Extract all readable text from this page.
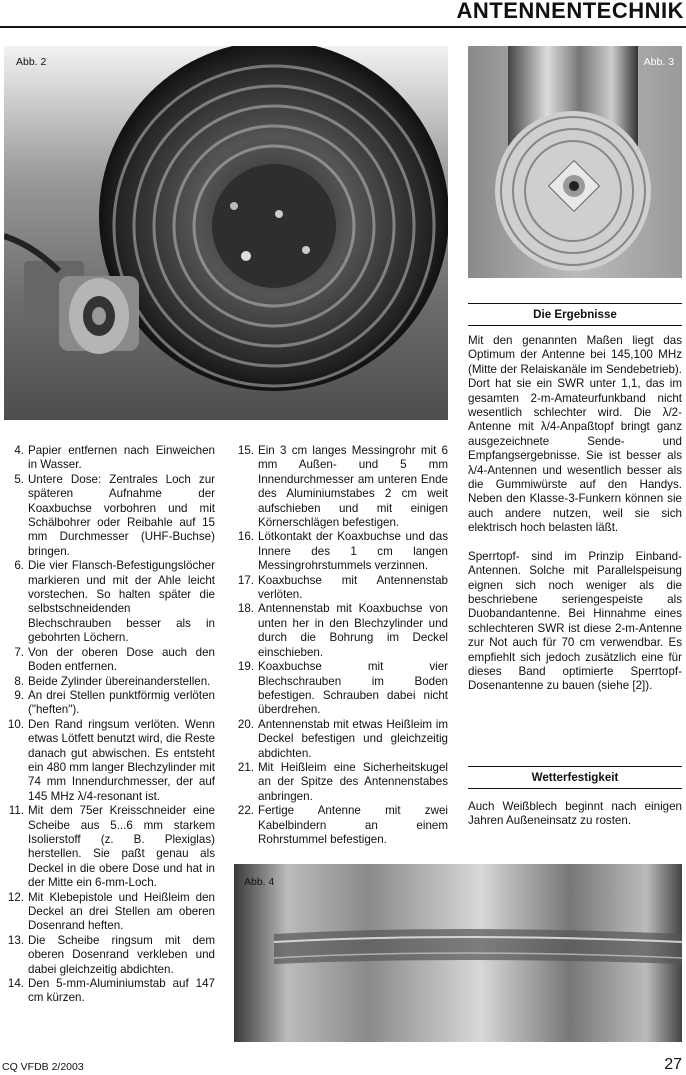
ANTENNENTECHNIK
Abb. 2	Abb. 3
Abb. 4
4. Papier entfernen nach Einweichen in Wasser.
5. Untere Dose: Zentrales Loch zur späteren Aufnahme der Koaxbuchse vorbohren und mit Schälbohrer oder Reibahle auf 15 mm Durchmesser (UHF-Buchse) bringen.
6. Die vier Flansch-Befestigungslöcher markieren und mit der Ahle leicht vorstechen. So halten später die selbstschneidenden Blechschrauben besser als in gebohrten Löchern.
7. Von der oberen Dose auch den Boden entfernen.
8. Beide Zylinder übereinanderstellen.
9. An drei Stellen punktförmig verlöten ("heften").
10. Den Rand ringsum verlöten. Wenn etwas Lötfett benutzt wird, die Reste danach gut abwischen. Es entsteht ein 480 mm langer Blechzylinder mit 74 mm Innendurchmesser, der auf 145 MHz λ/4-resonant ist.
11. Mit dem 75er Kreisschneider eine Scheibe aus 5...6 mm starkem Isolierstoff (z. B. Plexiglas) herstellen. Sie paßt genau als Deckel in die obere Dose und hat in der Mitte ein 6-mm-Loch.
12. Mit Klebepistole und Heißleim den Deckel an drei Stellen am oberen Dosenrand heften.
13. Die Scheibe ringsum mit dem oberen Dosenrand verkleben und dabei gleichzeitig abdichten.
14. Den 5-mm-Aluminiumstab auf 147 cm kürzen.
15. Ein 3 cm langes Messingrohr mit 6 mm Außen- und 5 mm Innendurchmesser am unteren Ende des Aluminiumstabes 2 cm weit aufschieben und mit einigen Körnerschlägen befestigen.
16. Lötkontakt der Koaxbuchse und das Innere des 1 cm langen Messingrohrstummels verzinnen.
17. Koaxbuchse mit Antennenstab verlöten.
18. Antennenstab mit Koaxbuchse von unten her in den Blechzylinder und durch die Bohrung im Deckel einschieben.
19. Koaxbuchse mit vier Blechschrauben im Boden befestigen. Schrauben dabei nicht überdrehen.
20. Antennenstab mit etwas Heißleim im Deckel befestigen und gleichzeitig abdichten.
21. Mit Heißleim eine Sicherheitskugel an der Spitze des Antennenstabes anbringen.
22. Fertige Antenne mit zwei Kabelbindern an einem Rohrstummel befestigen.
Die Ergebnisse

Mit den genannten Maßen liegt das Optimum der Antenne bei 145,100 MHz (Mitte der Relaiskanäle im Sendebetrieb). Dort hat sie ein SWR unter 1,1, das im gesamten 2-m-Amateurfunkband nicht wesentlich schlechter wird. Die λ/2-Antenne mit λ/4-Anpaßtopf bringt ganz ausgezeichnete Sende- und Empfangsergebnisse. Sie ist besser als λ/4-Antennen und wesentlich besser als die Gummiwürste auf den Handys. Neben den Klasse-3-Funkern können sie auch andere nutzen, weil sie sich elektrisch hoch belasten läßt.

Sperrtopf- sind im Prinzip Einband-Antennen. Solche mit Parallelspeisung eignen sich noch weniger als die beschriebene seriengespeiste als Duobandantenne. Bei Hinnahme eines schlechteren SWR ist diese 2-m-Antenne zur Not auch für 70 cm verwendbar. Es empfiehlt sich jedoch zusätzlich eine für dieses Band optimierte Sperrtopf-Dosenantenne zu bauen (siehe [2]).

Wetterfestigkeit

Auch Weißblech beginnt nach einigen Jahren Außeneinsatz zu rosten.

CQ VFDB 2/2003	27
